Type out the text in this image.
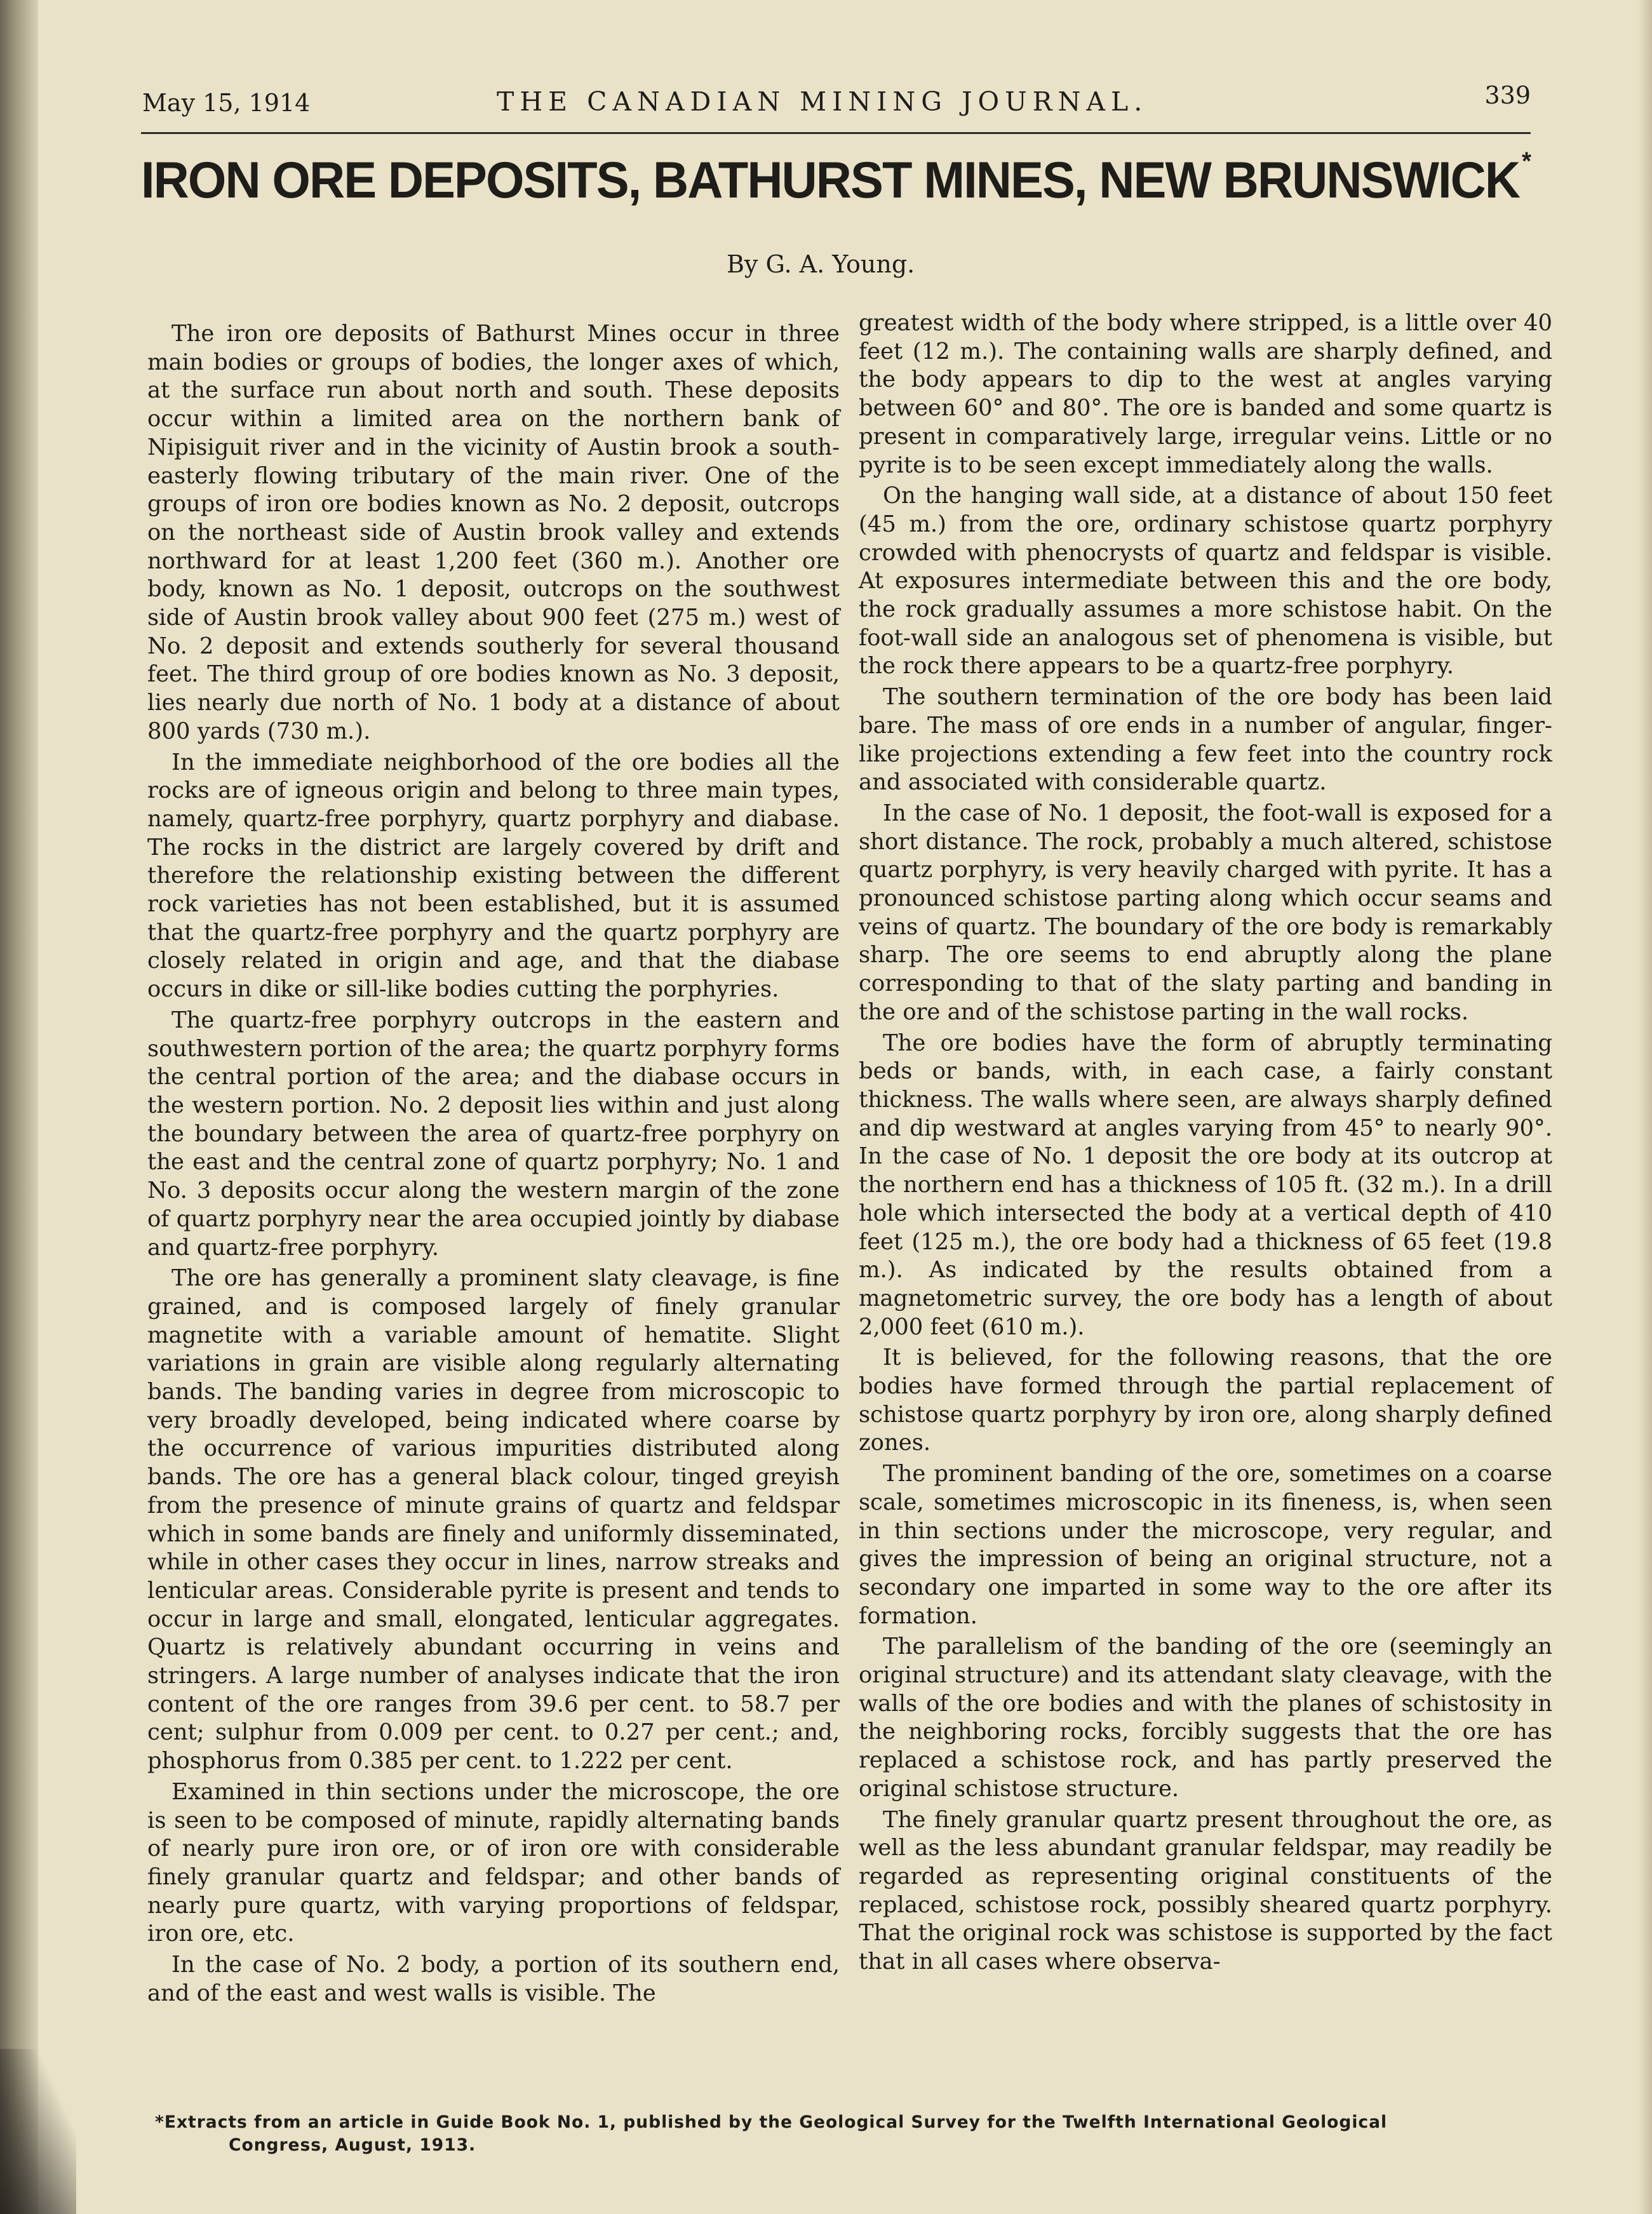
May 15, 1914	THE CANADIAN MINING JOURNAL.	339
IRON ORE DEPOSITS, BATHURST MINES, NEW BRUNSWICK*
By G. A. Young.

The iron ore deposits of Bathurst Mines occur in three main bodies or groups of bodies, the longer axes of which, at the surface run about north and south. These deposits occur within a limited area on the northern bank of Nipisiguit river and in the vicinity of Austin brook a south-easterly flowing tributary of the main river. One of the groups of iron ore bodies known as No. 2 deposit, outcrops on the northeast side of Austin brook valley and extends northward for at least 1,200 feet (360 m.). Another ore body, known as No. 1 deposit, outcrops on the southwest side of Austin brook valley about 900 feet (275 m.) west of No. 2 deposit and extends southerly for several thousand feet. The third group of ore bodies known as No. 3 deposit, lies nearly due north of No. 1 body at a distance of about 800 yards (730 m.).

In the immediate neighborhood of the ore bodies all the rocks are of igneous origin and belong to three main types, namely, quartz-free porphyry, quartz porphyry and diabase. The rocks in the district are largely covered by drift and therefore the relationship existing between the different rock varieties has not been established, but it is assumed that the quartz-free porphyry and the quartz porphyry are closely related in origin and age, and that the diabase occurs in dike or sill-like bodies cutting the porphyries.

The quartz-free porphyry outcrops in the eastern and southwestern portion of the area; the quartz porphyry forms the central portion of the area; and the diabase occurs in the western portion. No. 2 deposit lies within and just along the boundary between the area of quartz-free porphyry on the east and the central zone of quartz porphyry; No. 1 and No. 3 deposits occur along the western margin of the zone of quartz porphyry near the area occupied jointly by diabase and quartz-free porphyry.

The ore has generally a prominent slaty cleavage, is fine grained, and is composed largely of finely granular magnetite with a variable amount of hematite. Slight variations in grain are visible along regularly alternating bands. The banding varies in degree from microscopic to very broadly developed, being indicated where coarse by the occurrence of various impurities distributed along bands. The ore has a general black colour, tinged greyish from the presence of minute grains of quartz and feldspar which in some bands are finely and uniformly disseminated, while in other cases they occur in lines, narrow streaks and lenticular areas. Considerable pyrite is present and tends to occur in large and small, elongated, lenticular aggregates. Quartz is relatively abundant occurring in veins and stringers. A large number of analyses indicate that the iron content of the ore ranges from 39.6 per cent. to 58.7 per cent; sulphur from 0.009 per cent. to 0.27 per cent.; and, phosphorus from 0.385 per cent. to 1.222 per cent.

Examined in thin sections under the microscope, the ore is seen to be composed of minute, rapidly alternating bands of nearly pure iron ore, or of iron ore with considerable finely granular quartz and feldspar; and other bands of nearly pure quartz, with varying proportions of feldspar, iron ore, etc.

In the case of No. 2 body, a portion of its southern end, and of the east and west walls is visible. The

greatest width of the body where stripped, is a little over 40 feet (12 m.). The containing walls are sharply defined, and the body appears to dip to the west at angles varying between 60° and 80°. The ore is banded and some quartz is present in comparatively large, irregular veins. Little or no pyrite is to be seen except immediately along the walls.

On the hanging wall side, at a distance of about 150 feet (45 m.) from the ore, ordinary schistose quartz porphyry crowded with phenocrysts of quartz and feldspar is visible. At exposures intermediate between this and the ore body, the rock gradually assumes a more schistose habit. On the foot-wall side an analogous set of phenomena is visible, but the rock there appears to be a quartz-free porphyry.

The southern termination of the ore body has been laid bare. The mass of ore ends in a number of angular, finger-like projections extending a few feet into the country rock and associated with considerable quartz.

In the case of No. 1 deposit, the foot-wall is exposed for a short distance. The rock, probably a much altered, schistose quartz porphyry, is very heavily charged with pyrite. It has a pronounced schistose parting along which occur seams and veins of quartz. The boundary of the ore body is remarkably sharp. The ore seems to end abruptly along the plane corresponding to that of the slaty parting and banding in the ore and of the schistose parting in the wall rocks.

The ore bodies have the form of abruptly terminating beds or bands, with, in each case, a fairly constant thickness. The walls where seen, are always sharply defined and dip westward at angles varying from 45° to nearly 90°. In the case of No. 1 deposit the ore body at its outcrop at the northern end has a thickness of 105 ft. (32 m.). In a drill hole which intersected the body at a vertical depth of 410 feet (125 m.), the ore body had a thickness of 65 feet (19.8 m.). As indicated by the results obtained from a magnetometric survey, the ore body has a length of about 2,000 feet (610 m.).

It is believed, for the following reasons, that the ore bodies have formed through the partial replacement of schistose quartz porphyry by iron ore, along sharply defined zones.

The prominent banding of the ore, sometimes on a coarse scale, sometimes microscopic in its fineness, is, when seen in thin sections under the microscope, very regular, and gives the impression of being an original structure, not a secondary one imparted in some way to the ore after its formation.

The parallelism of the banding of the ore (seemingly an original structure) and its attendant slaty cleavage, with the walls of the ore bodies and with the planes of schistosity in the neighboring rocks, forcibly suggests that the ore has replaced a schistose rock, and has partly preserved the original schistose structure.

The finely granular quartz present throughout the ore, as well as the less abundant granular feldspar, may readily be regarded as representing original constituents of the replaced, schistose rock, possibly sheared quartz porphyry. That the original rock was schistose is supported by the fact that in all cases where observa-

*Extracts from an article in Guide Book No. 1, published by the Geological Survey for the Twelfth International Geological
Congress, August, 1913.
